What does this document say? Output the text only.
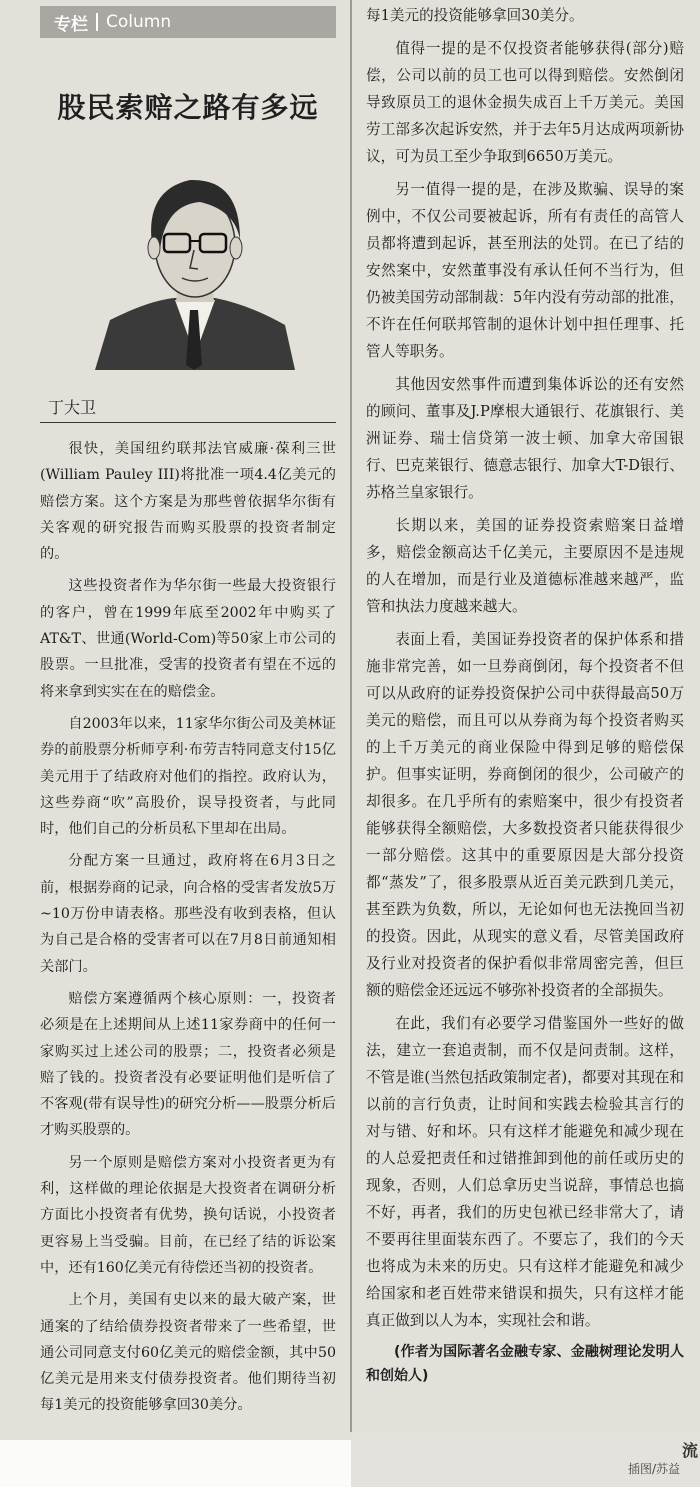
专栏 Column
股民索赔之路有多远
丁大卫

很快，美国纽约联邦法官威廉·葆利三世(William Pauley III)将批准一项4.4亿美元的赔偿方案。这个方案是为那些曾依据华尔街有关客观的研究报告而购买股票的投资者制定的。

这些投资者作为华尔街一些最大投资银行的客户，曾在1999年底至2002年中购买了AT&T、世通(World-Com)等50家上市公司的股票。一旦批准，受害的投资者有望在不远的将来拿到实实在在的赔偿金。

自2003年以来，11家华尔街公司及美林证券的前股票分析师亨利·布劳吉特同意支付15亿美元用于了结政府对他们的指控。政府认为，这些券商“吹”高股价，误导投资者，与此同时，他们自己的分析员私下里却在出局。

分配方案一旦通过，政府将在6月3日之前，根据券商的记录，向合格的受害者发放5万~10万份申请表格。那些没有收到表格，但认为自己是合格的受害者可以在7月8日前通知相关部门。

赔偿方案遵循两个核心原则：一，投资者必须是在上述期间从上述11家券商中的任何一家购买过上述公司的股票；二，投资者必须是赔了钱的。投资者没有必要证明他们是听信了不客观(带有误导性)的研究分析——股票分析后才购买股票的。

另一个原则是赔偿方案对小投资者更为有利，这样做的理论依据是大投资者在调研分析方面比小投资者有优势，换句话说，小投资者更容易上当受骗。目前，在已经了结的诉讼案中，还有160亿美元有待偿还当初的投资者。

上个月，美国有史以来的最大破产案，世通案的了结给债券投资者带来了一些希望，世通公司同意支付60亿美元的赔偿金额，其中50亿美元是用来支付债券投资者。他们期待当初每1美元的投资能够拿回30美分。

每1美元的投资能够拿回30美分。

值得一提的是不仅投资者能够获得(部分)赔偿，公司以前的员工也可以得到赔偿。安然倒闭导致原员工的退休金损失成百上千万美元。美国劳工部多次起诉安然，并于去年5月达成两项新协议，可为员工至少争取到6650万美元。

另一值得一提的是，在涉及欺骗、误导的案例中，不仅公司要被起诉，所有有责任的高管人员都将遭到起诉，甚至刑法的处罚。在已了结的安然案中，安然董事没有承认任何不当行为，但仍被美国劳动部制裁：5年内没有劳动部的批准，不许在任何联邦管制的退休计划中担任理事、托管人等职务。

其他因安然事件而遭到集体诉讼的还有安然的顾问、董事及J.P摩根大通银行、花旗银行、美洲证券、瑞士信贷第一波士顿、加拿大帝国银行、巴克莱银行、德意志银行、加拿大T-D银行、苏格兰皇家银行。

长期以来，美国的证券投资索赔案日益增多，赔偿金额高达千亿美元，主要原因不是违规的人在增加，而是行业及道德标准越来越严，监管和执法力度越来越大。

表面上看，美国证券投资者的保护体系和措施非常完善，如一旦券商倒闭，每个投资者不但可以从政府的证券投资保护公司中获得最高50万美元的赔偿，而且可以从券商为每个投资者购买的上千万美元的商业保险中得到足够的赔偿保护。但事实证明，券商倒闭的很少，公司破产的却很多。在几乎所有的索赔案中，很少有投资者能够获得全额赔偿，大多数投资者只能获得很少一部分赔偿。这其中的重要原因是大部分投资都“蒸发”了，很多股票从近百美元跌到几美元，甚至跌为负数，所以，无论如何也无法挽回当初的投资。因此，从现实的意义看，尽管美国政府及行业对投资者的保护看似非常周密完善，但巨额的赔偿金还远远不够弥补投资者的全部损失。

在此，我们有必要学习借鉴国外一些好的做法，建立一套追责制，而不仅是问责制。这样，不管是谁(当然包括政策制定者)，都要对其现在和以前的言行负责，让时间和实践去检验其言行的对与错、好和坏。只有这样才能避免和减少现在的人总爱把责任和过错推卸到他的前任或历史的现象，否则，人们总拿历史当说辞，事情总也搞不好，再者，我们的历史包袱已经非常大了，请不要再往里面装东西了。不要忘了，我们的今天也将成为未来的历史。只有这样才能避免和减少给国家和老百姓带来错误和损失，只有这样才能真正做到以人为本，实现社会和谐。

(作者为国际著名金融专家、金融树理论发明人和创始人)

插图/苏益
流
